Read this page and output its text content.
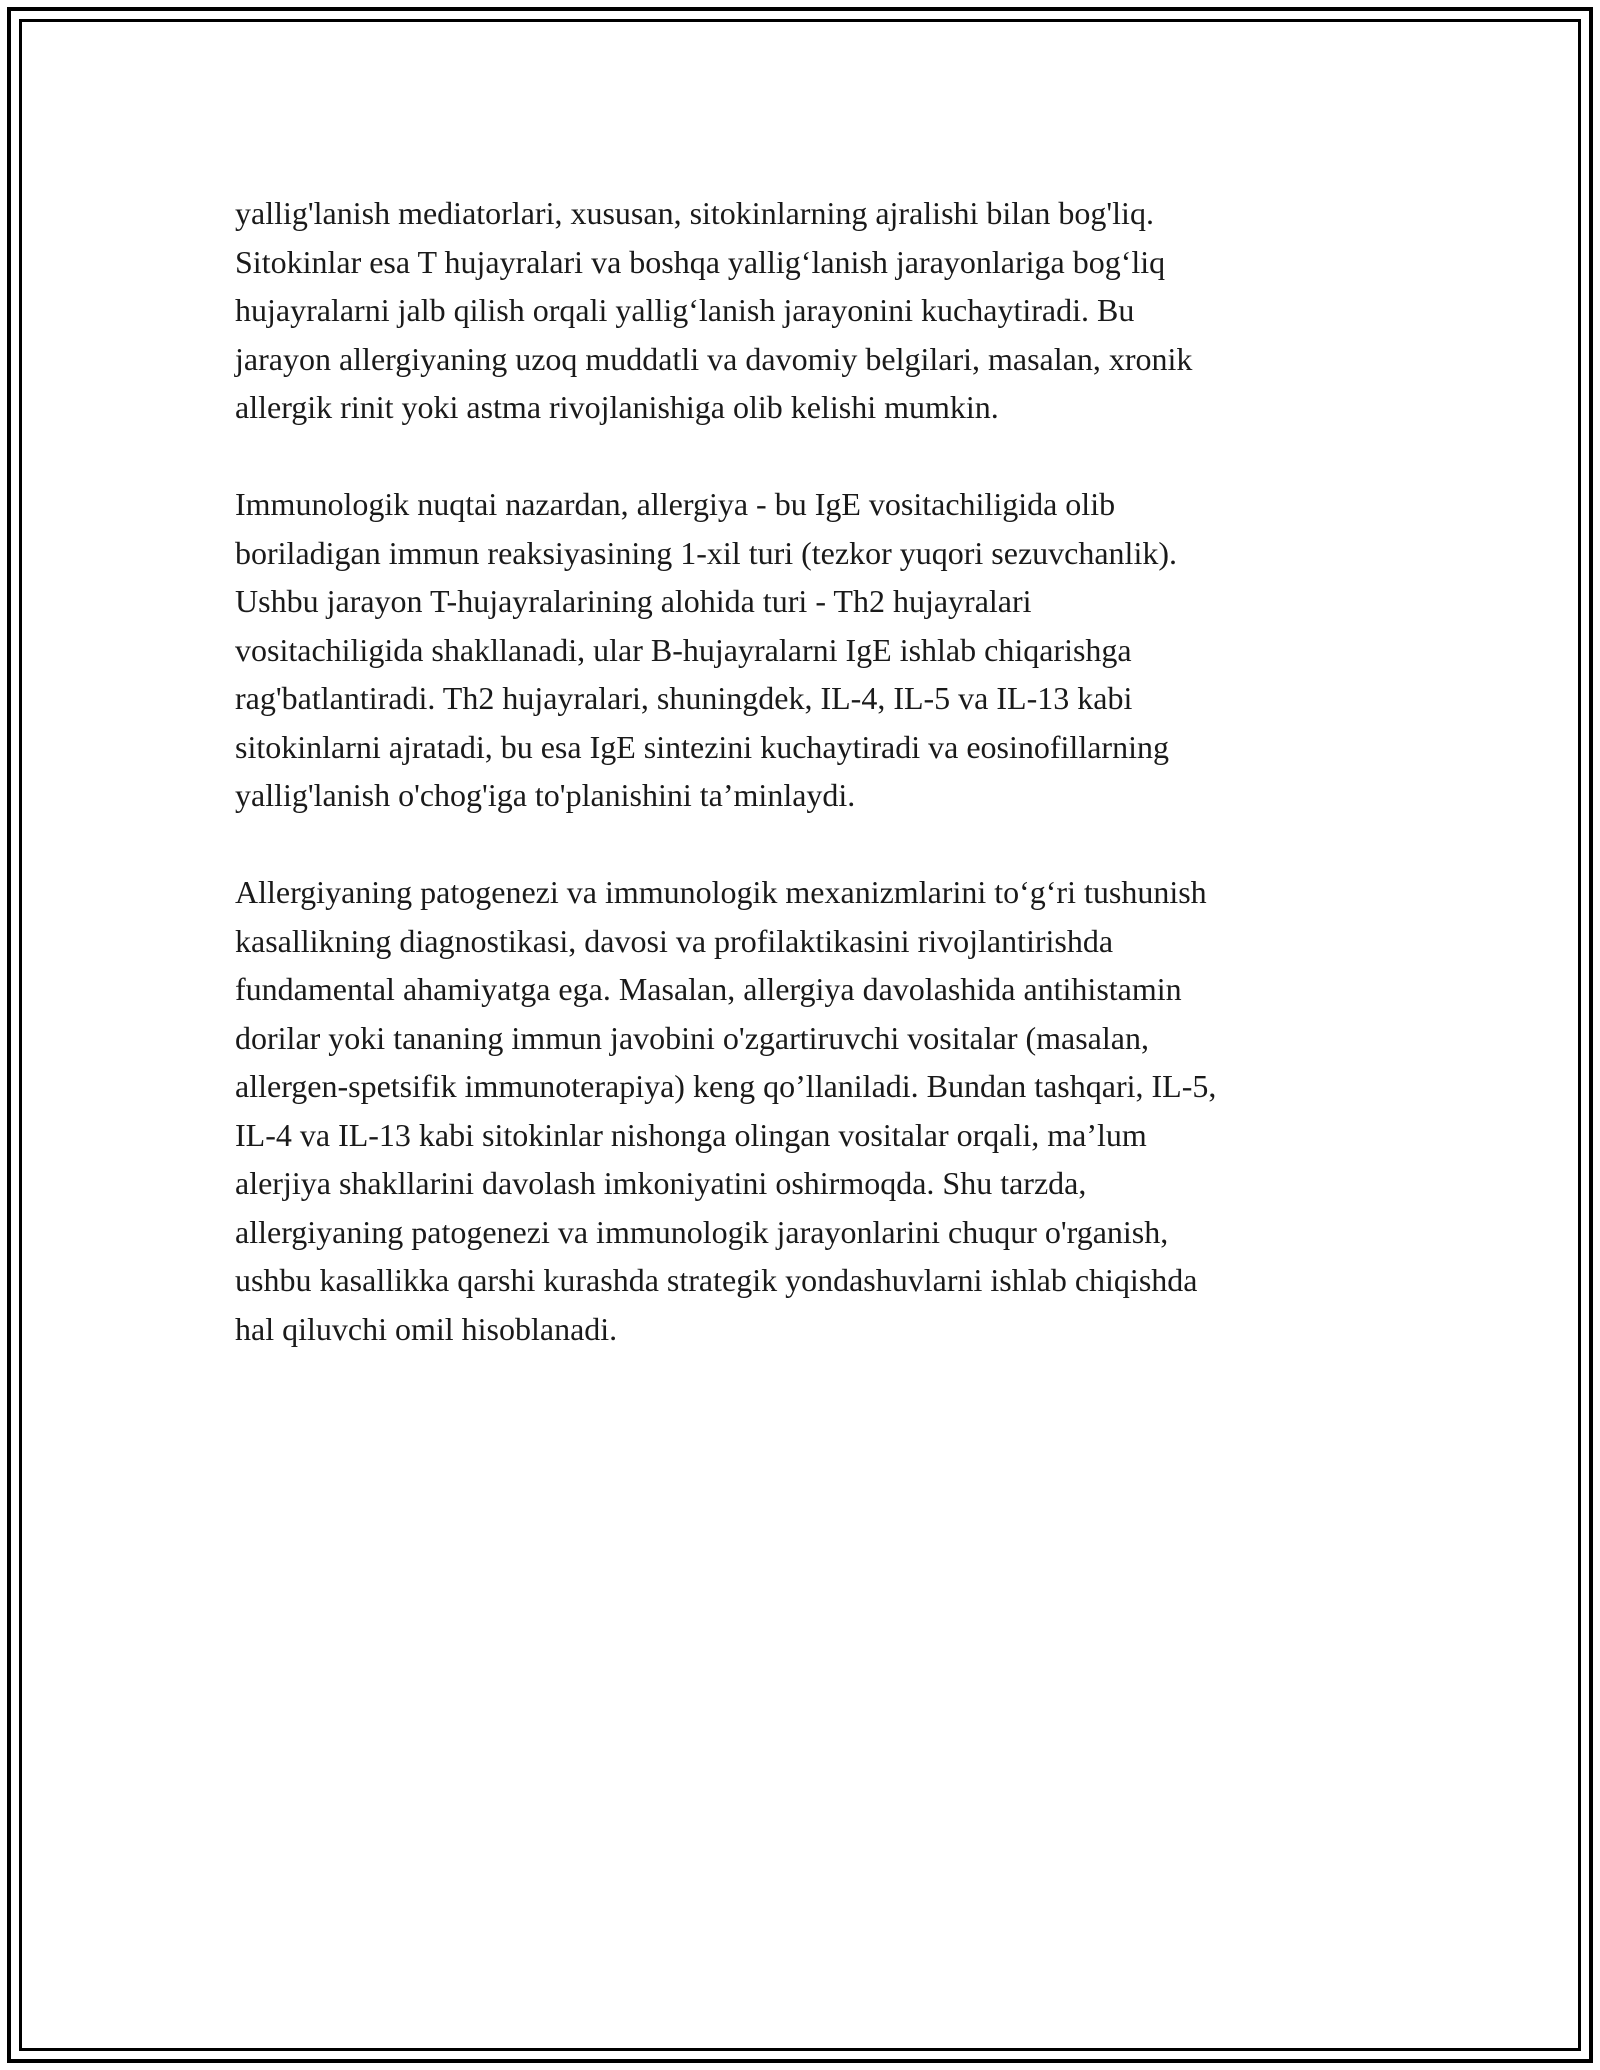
yallig'lanish mediatorlari, xususan, sitokinlarning ajralishi bilan bog'liq.
Sitokinlar esa T hujayralari va boshqa yallig‘lanish jarayonlariga bog‘liq
hujayralarni jalb qilish orqali yallig‘lanish jarayonini kuchaytiradi. Bu
jarayon allergiyaning uzoq muddatli va davomiy belgilari, masalan, xronik
allergik rinit yoki astma rivojlanishiga olib kelishi mumkin.

Immunologik nuqtai nazardan, allergiya - bu IgE vositachiligida olib
boriladigan immun reaksiyasining 1-xil turi (tezkor yuqori sezuvchanlik).
Ushbu jarayon T-hujayralarining alohida turi - Th2 hujayralari
vositachiligida shakllanadi, ular B-hujayralarni IgE ishlab chiqarishga
rag'batlantiradi. Th2 hujayralari, shuningdek, IL-4, IL-5 va IL-13 kabi
sitokinlarni ajratadi, bu esa IgE sintezini kuchaytiradi va eosinofillarning
yallig'lanish o'chog'iga to'planishini ta’minlaydi.

Allergiyaning patogenezi va immunologik mexanizmlarini to‘g‘ri tushunish
kasallikning diagnostikasi, davosi va profilaktikasini rivojlantirishda
fundamental ahamiyatga ega. Masalan, allergiya davolashida antihistamin
dorilar yoki tananing immun javobini o'zgartiruvchi vositalar (masalan,
allergen-spetsifik immunoterapiya) keng qo’llaniladi. Bundan tashqari, IL-5,
IL-4 va IL-13 kabi sitokinlar nishonga olingan vositalar orqali, ma’lum
alerjiya shakllarini davolash imkoniyatini oshirmoqda. Shu tarzda,
allergiyaning patogenezi va immunologik jarayonlarini chuqur o'rganish,
ushbu kasallikka qarshi kurashda strategik yondashuvlarni ishlab chiqishda
hal qiluvchi omil hisoblanadi.
